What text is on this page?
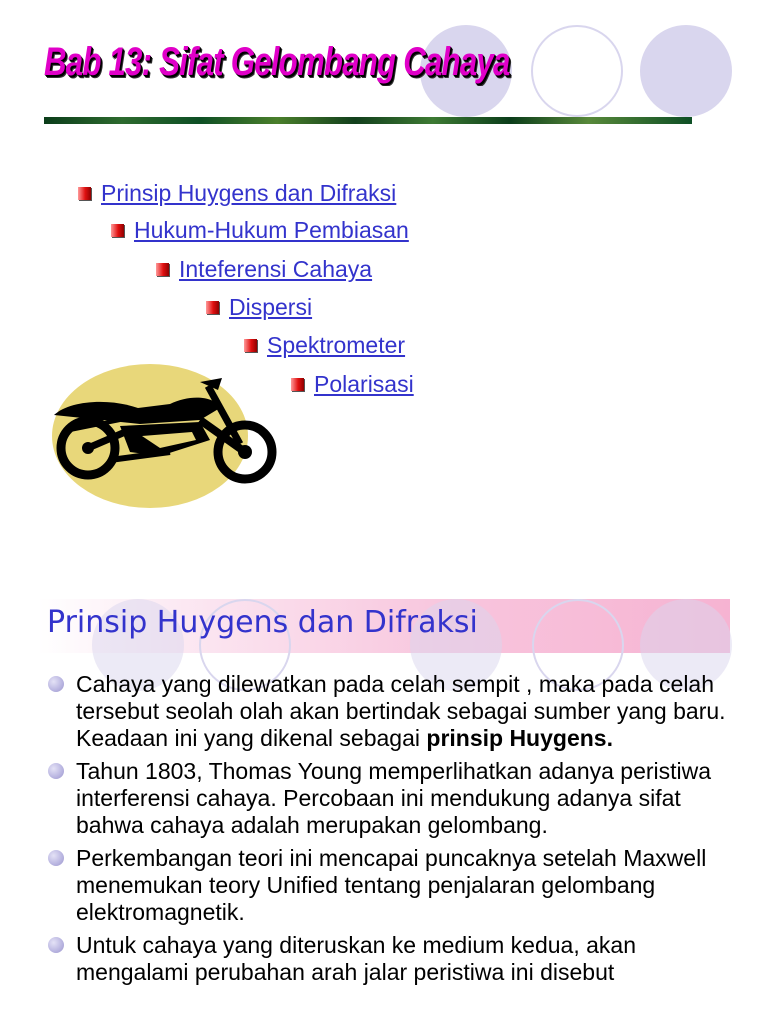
Bab 13: Sifat Gelombang Cahaya
Prinsip Huygens dan Difraksi
Hukum-Hukum Pembiasan
Inteferensi Cahaya
Dispersi
Spektrometer
Polarisasi
Prinsip Huygens dan Difraksi
Cahaya yang dilewatkan pada celah sempit , maka pada celah tersebut seolah olah akan bertindak sebagai sumber yang baru. Keadaan ini yang dikenal sebagai prinsip Huygens.
Tahun 1803, Thomas Young memperlihatkan adanya peristiwa interferensi cahaya. Percobaan ini mendukung adanya sifat bahwa cahaya adalah merupakan gelombang.
Perkembangan teori ini mencapai puncaknya setelah Maxwell menemukan teory Unified tentang penjalaran gelombang elektromagnetik.
Untuk cahaya yang diteruskan ke medium kedua, akan mengalami perubahan arah jalar peristiwa ini disebut
